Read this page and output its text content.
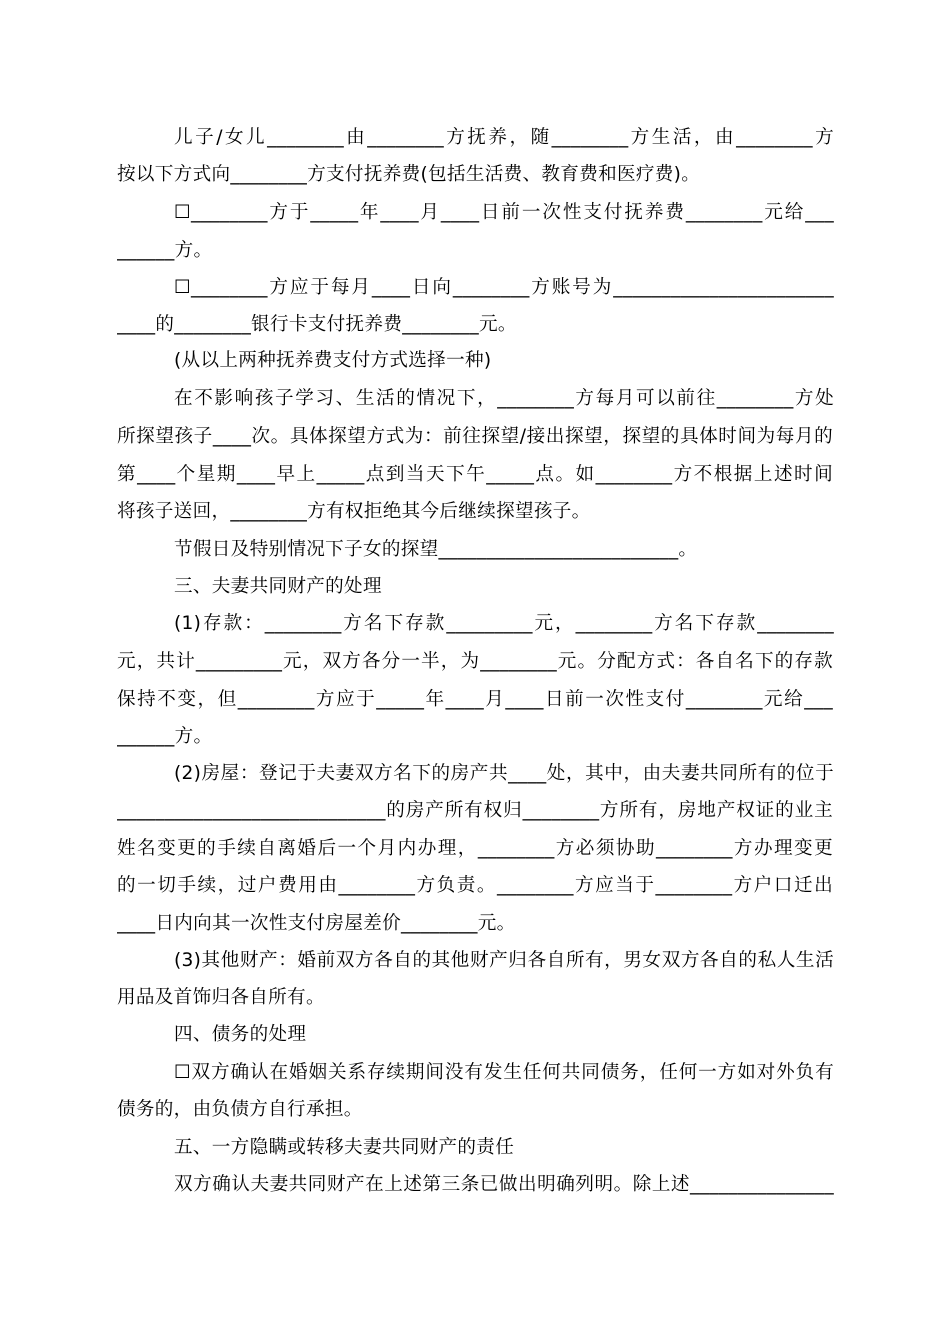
儿子/女儿________由________方抚养，随________方生活，由________方
按以下方式向________方支付抚养费(包括生活费、教育费和医疗费)。
☐________方于_____年____月____日前一次性支付抚养费________元给___
______方。
☐________方应于每月____日向________方账号为_______________________
____的________银行卡支付抚养费________元。
(从以上两种抚养费支付方式选择一种)
在不影响孩子学习、生活的情况下，________方每月可以前往________方处
所探望孩子____次。具体探望方式为：前往探望/接出探望，探望的具体时间为每月的
第____个星期____早上_____点到当天下午_____点。如________方不根据上述时间
将孩子送回，________方有权拒绝其今后继续探望孩子。
节假日及特别情况下子女的探望_________________________。
三、夫妻共同财产的处理
(1)存款：________方名下存款_________元，________方名下存款________
元，共计_________元，双方各分一半，为________元。分配方式：各自名下的存款
保持不变，但________方应于_____年____月____日前一次性支付________元给___
______方。
(2)房屋：登记于夫妻双方名下的房产共____处，其中，由夫妻共同所有的位于
____________________________的房产所有权归________方所有，房地产权证的业主
姓名变更的手续自离婚后一个月内办理，________方必须协助________方办理变更
的一切手续，过户费用由________方负责。________方应当于________方户口迁出
____日内向其一次性支付房屋差价________元。
(3)其他财产：婚前双方各自的其他财产归各自所有，男女双方各自的私人生活
用品及首饰归各自所有。
四、债务的处理
☐双方确认在婚姻关系存续期间没有发生任何共同债务，任何一方如对外负有
债务的，由负债方自行承担。
五、一方隐瞒或转移夫妻共同财产的责任
双方确认夫妻共同财产在上述第三条已做出明确列明。除上述_______________
